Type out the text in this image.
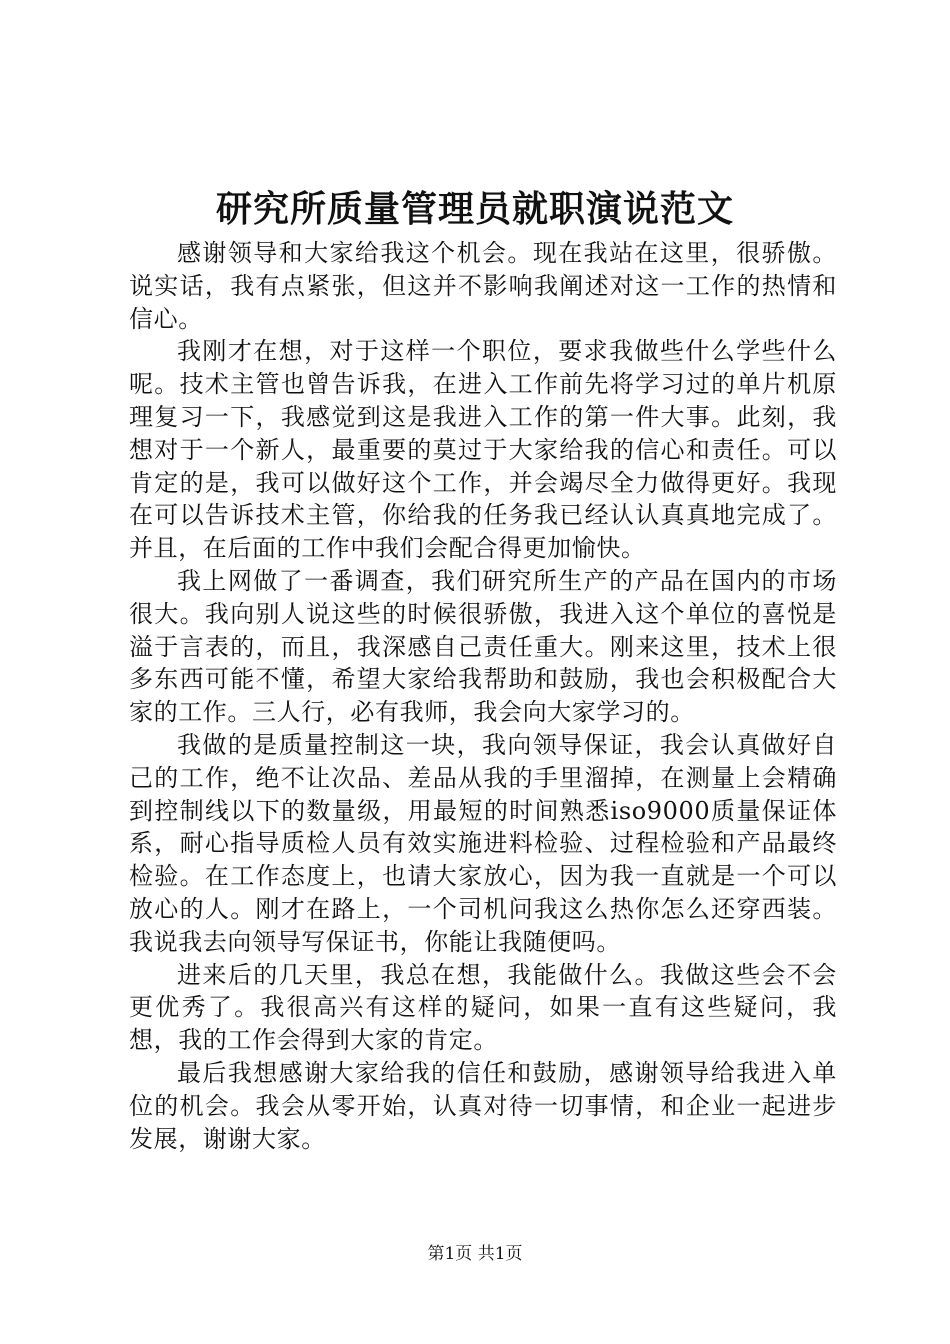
研究所质量管理员就职演说范文

感谢领导和大家给我这个机会。现在我站在这里，很骄傲。说实话，我有点紧张，但这并不影响我阐述对这一工作的热情和信心。

我刚才在想，对于这样一个职位，要求我做些什么学些什么呢。技术主管也曾告诉我，在进入工作前先将学习过的单片机原理复习一下，我感觉到这是我进入工作的第一件大事。此刻，我想对于一个新人，最重要的莫过于大家给我的信心和责任。可以肯定的是，我可以做好这个工作，并会竭尽全力做得更好。我现在可以告诉技术主管，你给我的任务我已经认认真真地完成了。并且，在后面的工作中我们会配合得更加愉快。

我上网做了一番调查，我们研究所生产的产品在国内的市场很大。我向别人说这些的时候很骄傲，我进入这个单位的喜悦是溢于言表的，而且，我深感自己责任重大。刚来这里，技术上很多东西可能不懂，希望大家给我帮助和鼓励，我也会积极配合大家的工作。三人行，必有我师，我会向大家学习的。

我做的是质量控制这一块，我向领导保证，我会认真做好自己的工作，绝不让次品、差品从我的手里溜掉，在测量上会精确到控制线以下的数量级，用最短的时间熟悉iso9000质量保证体系，耐心指导质检人员有效实施进料检验、过程检验和产品最终检验。在工作态度上，也请大家放心，因为我一直就是一个可以放心的人。刚才在路上，一个司机问我这么热你怎么还穿西装。我说我去向领导写保证书，你能让我随便吗。

进来后的几天里，我总在想，我能做什么。我做这些会不会更优秀了。我很高兴有这样的疑问，如果一直有这些疑问，我想，我的工作会得到大家的肯定。

最后我想感谢大家给我的信任和鼓励，感谢领导给我进入单位的机会。我会从零开始，认真对待一切事情，和企业一起进步发展，谢谢大家。

第1页 共1页
